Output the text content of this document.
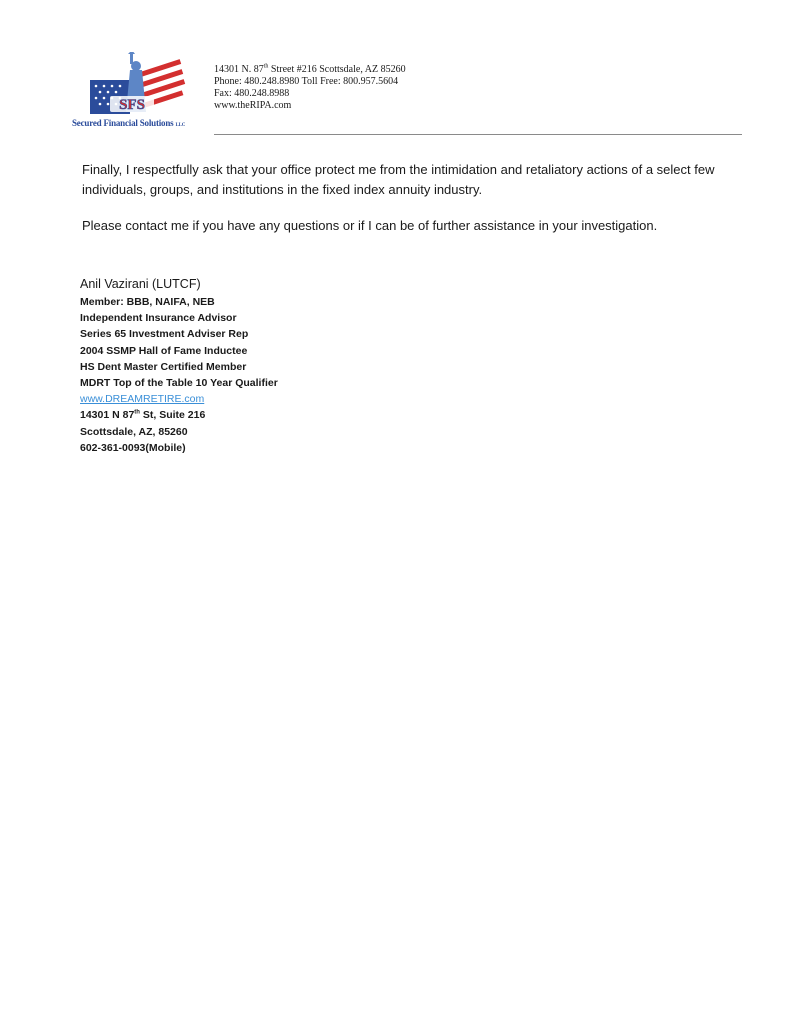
SFS
Secured Financial Solutions LLC
14301 N. 87th Street #216 Scottsdale, AZ 85260
Phone: 480.248.8980 Toll Free: 800.957.5604
Fax: 480.248.8988
www.theRIPA.com

Finally, I respectfully ask that your office protect me from the intimidation and retaliatory actions of a select few individuals, groups, and institutions in the fixed index annuity industry.

Please contact me if you have any questions or if I can be of further assistance in your investigation.

Anil Vazirani (LUTCF)
Member: BBB, NAIFA, NEB
Independent Insurance Advisor
Series 65 Investment Adviser Rep
2004 SSMP Hall of Fame Inductee
HS Dent Master Certified Member
MDRT Top of the Table 10 Year Qualifier
www.DREAMRETIRE.com
14301 N 87th St, Suite 216
Scottsdale, AZ, 85260
602-361-0093(Mobile)
